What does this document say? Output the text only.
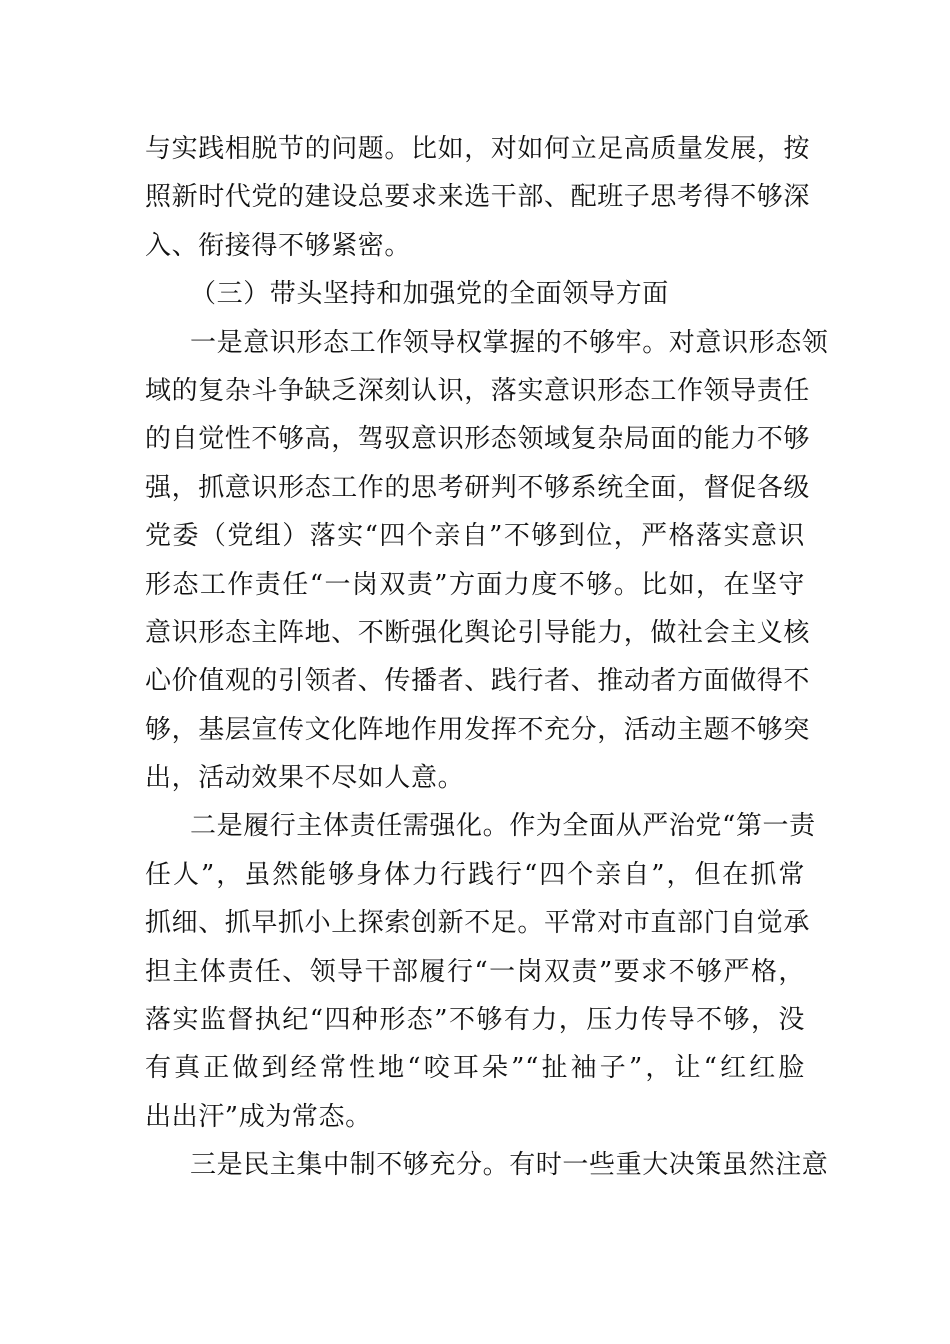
与实践相脱节的问题。比如，对如何立足高质量发展，按
照新时代党的建设总要求来选干部、配班子思考得不够深
入、衔接得不够紧密。
（三）带头坚持和加强党的全面领导方面
一是意识形态工作领导权掌握的不够牢。对意识形态领
域的复杂斗争缺乏深刻认识，落实意识形态工作领导责任
的自觉性不够高，驾驭意识形态领域复杂局面的能力不够
强，抓意识形态工作的思考研判不够系统全面，督促各级
党委（党组）落实“四个亲自”不够到位，严格落实意识
形态工作责任“一岗双责”方面力度不够。比如，在坚守
意识形态主阵地、不断强化舆论引导能力，做社会主义核
心价值观的引领者、传播者、践行者、推动者方面做得不
够，基层宣传文化阵地作用发挥不充分，活动主题不够突
出，活动效果不尽如人意。
二是履行主体责任需强化。作为全面从严治党“第一责
任人”，虽然能够身体力行践行“四个亲自”，但在抓常
抓细、抓早抓小上探索创新不足。平常对市直部门自觉承
担主体责任、领导干部履行“一岗双责”要求不够严格，
落实监督执纪“四种形态”不够有力，压力传导不够，没
有真正做到经常性地“咬耳朵”“扯袖子”，让“红红脸
出出汗”成为常态。
三是民主集中制不够充分。有时一些重大决策虽然注意
